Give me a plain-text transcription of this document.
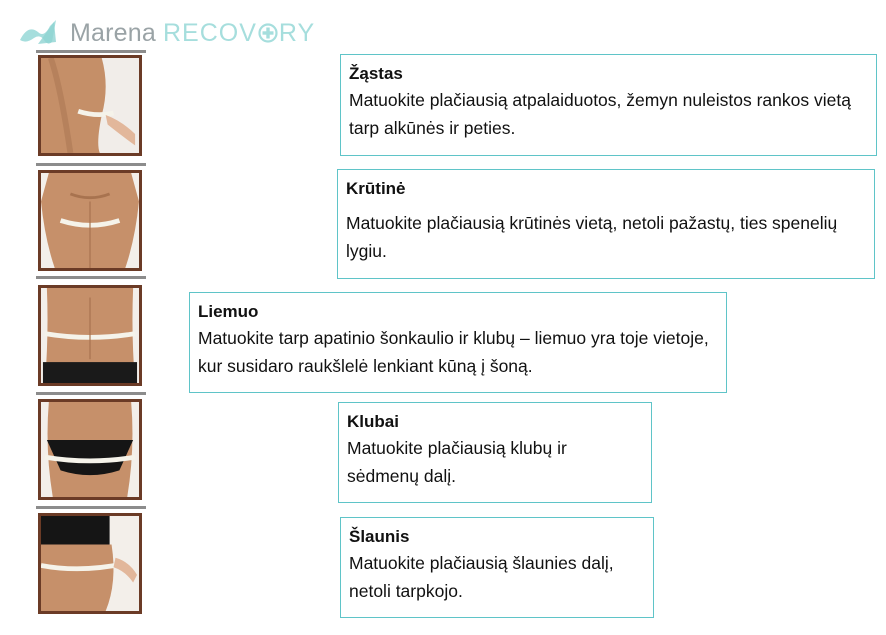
Marena RECOV RY
Žąstas
Matuokite plačiausią atpalaiduotos, žemyn nuleistos rankos vietą tarp alkūnės ir peties.
Krūtinė
Matuokite plačiausią krūtinės vietą, netoli pažastų, ties spenelių lygiu.
Liemuo
Matuokite tarp apatinio šonkaulio ir klubų – liemuo yra toje vietoje, kur susidaro raukšlelė lenkiant kūną į šoną.
Klubai
Matuokite plačiausią klubų ir sėdmenų dalį.
Šlaunis
Matuokite plačiausią šlaunies dalį, netoli tarpkojo.
